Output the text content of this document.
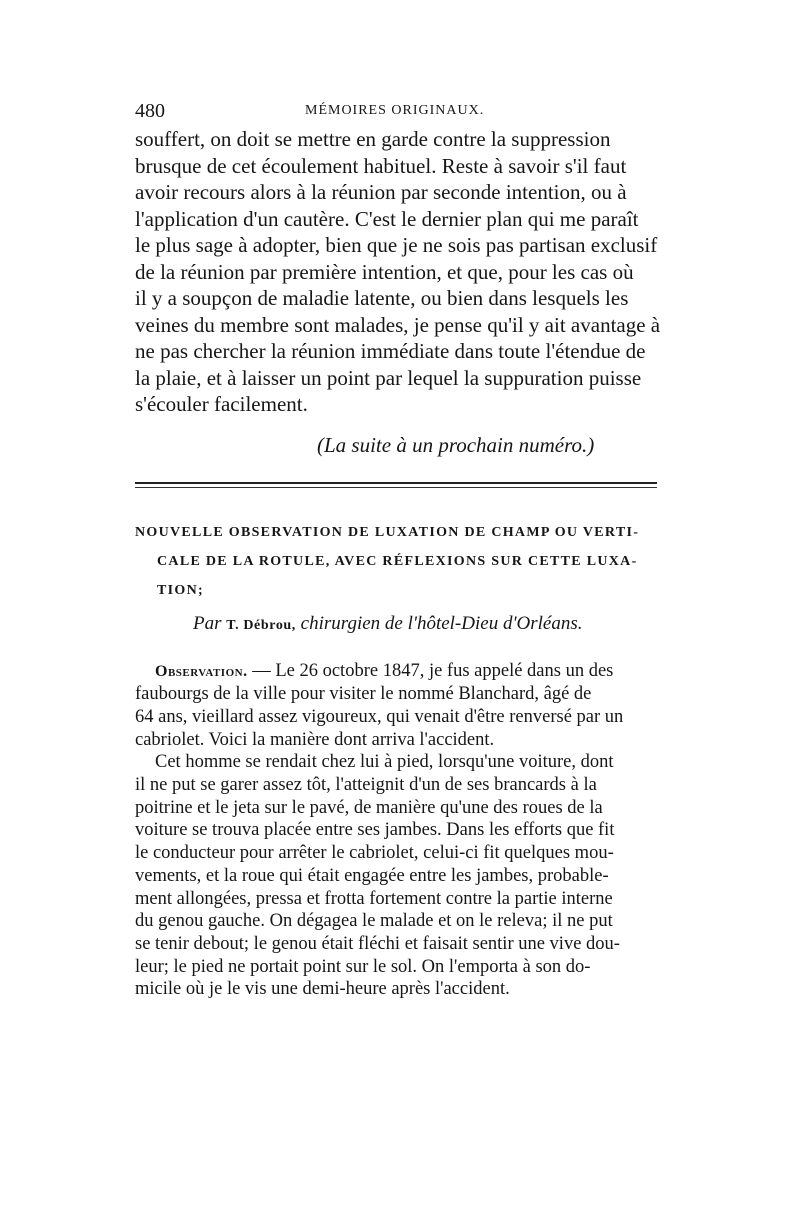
480	MÉMOIRES ORIGINAUX.
souffert, on doit se mettre en garde contre la suppression
brusque de cet écoulement habituel. Reste à savoir s'il faut
avoir recours alors à la réunion par seconde intention, ou à
l'application d'un cautère. C'est le dernier plan qui me paraît
le plus sage à adopter, bien que je ne sois pas partisan exclusif
de la réunion par première intention, et que, pour les cas où
il y a soupçon de maladie latente, ou bien dans lesquels les
veines du membre sont malades, je pense qu'il y ait avantage à
ne pas chercher la réunion immédiate dans toute l'étendue de
la plaie, et à laisser un point par lequel la suppuration puisse
s'écouler facilement.
(La suite à un prochain numéro.)
NOUVELLE OBSERVATION DE LUXATION DE CHAMP OU VERTI-
CALE DE LA ROTULE, AVEC RÉFLEXIONS SUR CETTE LUXA-
TION;
Par T. Débrou, chirurgien de l'hôtel-Dieu d'Orléans.
Observation. — Le 26 octobre 1847, je fus appelé dans un des
faubourgs de la ville pour visiter le nommé Blanchard, âgé de
64 ans, vieillard assez vigoureux, qui venait d'être renversé par un
cabriolet. Voici la manière dont arriva l'accident.
Cet homme se rendait chez lui à pied, lorsqu'une voiture, dont
il ne put se garer assez tôt, l'atteignit d'un de ses brancards à la
poitrine et le jeta sur le pavé, de manière qu'une des roues de la
voiture se trouva placée entre ses jambes. Dans les efforts que fit
le conducteur pour arrêter le cabriolet, celui-ci fit quelques mou-
vements, et la roue qui était engagée entre les jambes, probable-
ment allongées, pressa et frotta fortement contre la partie interne
du genou gauche. On dégagea le malade et on le releva; il ne put
se tenir debout; le genou était fléchi et faisait sentir une vive dou-
leur; le pied ne portait point sur le sol. On l'emporta à son do-
micile où je le vis une demi-heure après l'accident.
